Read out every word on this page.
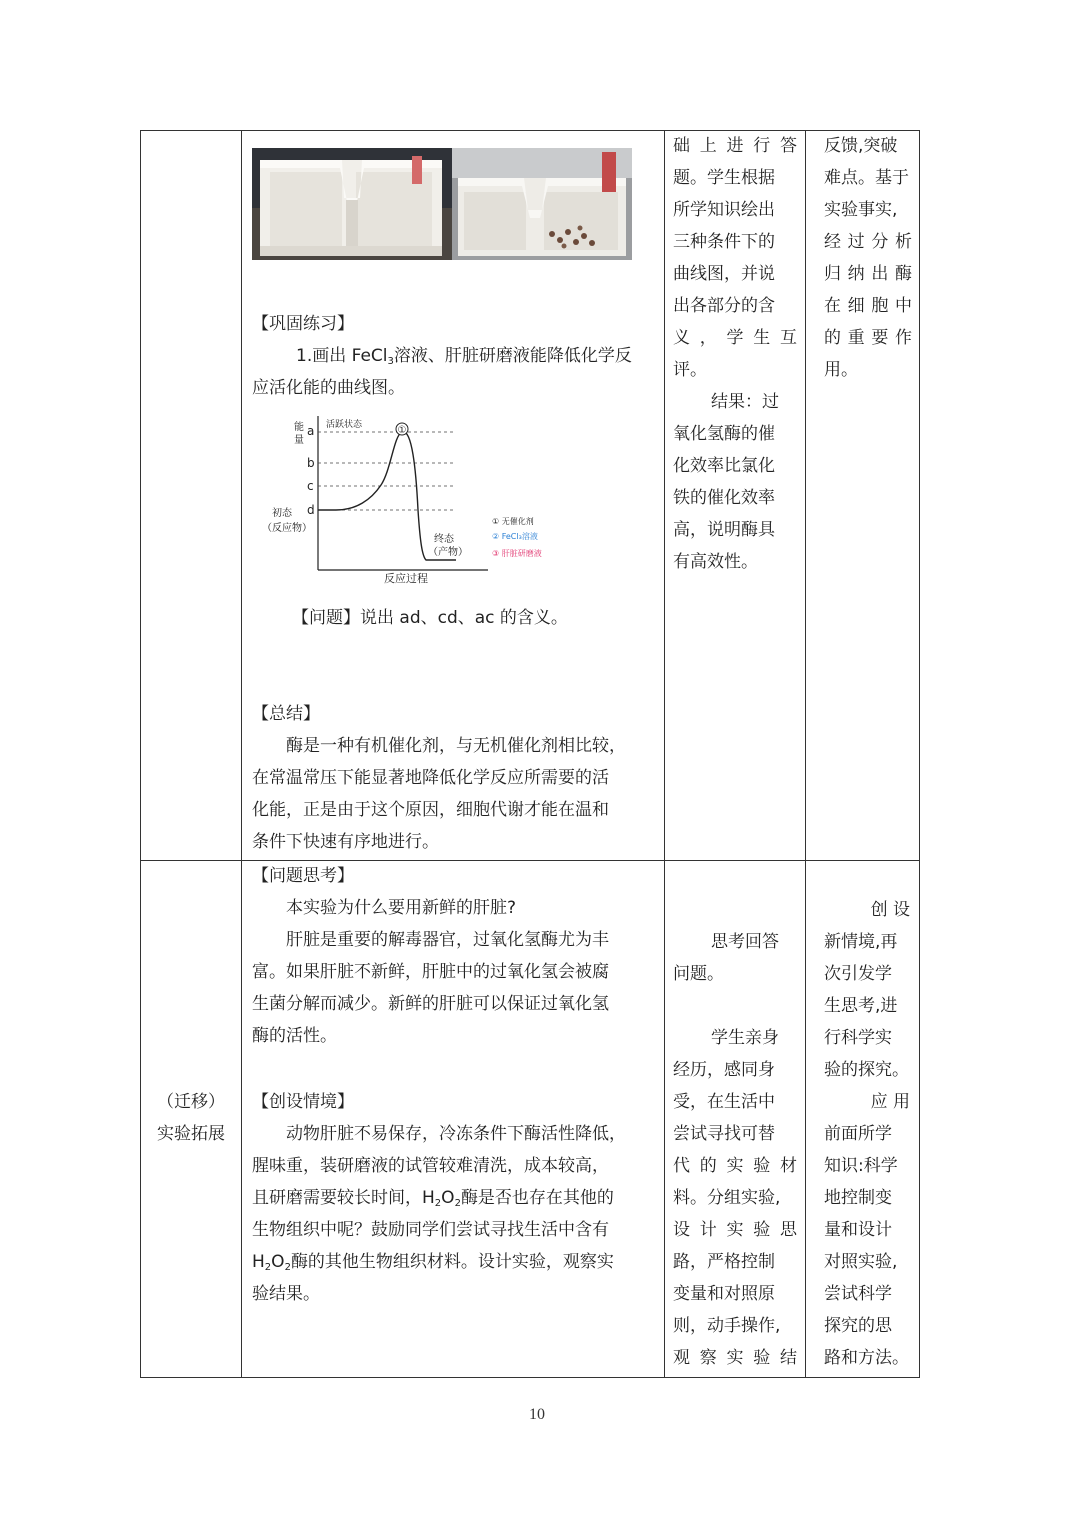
【巩固练习】

1.画出 FeCl$_3$溶液、肝脏研磨液能降低化学反

应活化能的曲线图。

能
量
a
b
c
d
活跃状态	①
初态
（反应物）
终态
（产物）
反应过程
① 无催化剂
② FeCl₃溶液
③ 肝脏研磨液

【问题】说出 ad、cd、ac 的含义。

【总结】

酶是一种有机催化剂，与无机催化剂相比较，

在常温常压下能显著地降低化学反应所需要的活

化能，正是由于这个原因，细胞代谢才能在温和

条件下快速有序地进行。

础 上 进 行 答

题。学生根据

所学知识绘出

三种条件下的

曲线图，并说

出各部分的含

义 ， 学 生 互

评。

结果：过

氧化氢酶的催

化效率比氯化

铁的催化效率

高，说明酶具

有高效性。

反馈,突破

难点。基于

实验事实,

经 过 分 析

归 纳 出 酶

在 细 胞 中

的 重 要 作

用。

（迁移）

实验拓展

【问题思考】

本实验为什么要用新鲜的肝脏?

肝脏是重要的解毒器官，过氧化氢酶尤为丰

富。如果肝脏不新鲜，肝脏中的过氧化氢会被腐

生菌分解而减少。新鲜的肝脏可以保证过氧化氢

酶的活性。

【创设情境】

动物肝脏不易保存，冷冻条件下酶活性降低，

腥味重，装研磨液的试管较难清洗，成本较高，

且研磨需要较长时间，$H_2O_2$酶是否也存在其他的

生物组织中呢？鼓励同学们尝试寻找生活中含有

$H_2O_2$酶的其他生物组织材料。设计实验，观察实

验结果。

思考回答

问题。

学生亲身

经历，感同身

受，在生活中

尝试寻找可替

代 的 实 验 材

料。分组实验,

设 计 实 验 思

路，严格控制

变量和对照原

则，动手操作,

观 察 实 验 结

创 设

新情境,再

次引发学

生思考,进

行科学实

验的探究。

应 用

前面所学

知识:科学

地控制变

量和设计

对照实验,

尝试科学

探究的思

路和方法。

10
